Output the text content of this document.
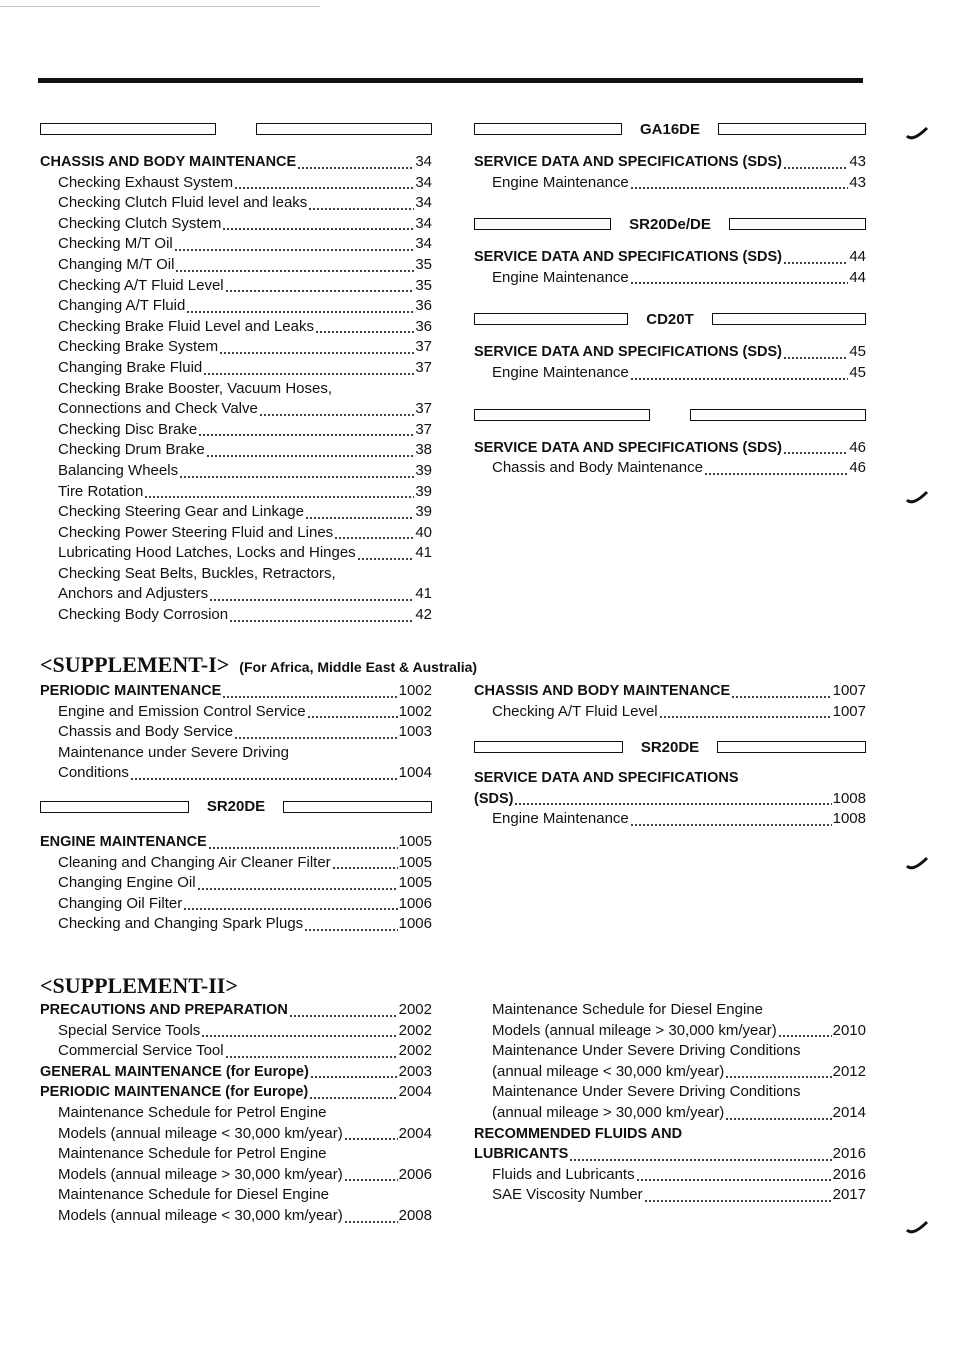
CHASSIS AND BODY MAINTENANCE	34
Checking Exhaust System	34
Checking Clutch Fluid level and leaks	34
Checking Clutch System	34
Checking M/T Oil	34
Changing M/T Oil	35
Checking A/T Fluid Level	35
Changing A/T Fluid	36
Checking Brake Fluid Level and Leaks	36
Checking Brake System	37
Changing Brake Fluid	37
Checking Brake Booster, Vacuum Hoses,
Connections and Check Valve	37
Checking Disc Brake	37
Checking Drum Brake	38
Balancing Wheels	39
Tire Rotation	39
Checking Steering Gear and Linkage	39
Checking Power Steering Fluid and Lines	40
Lubricating Hood Latches, Locks and Hinges	41
Checking Seat Belts, Buckles, Retractors,
Anchors and Adjusters	41
Checking Body Corrosion	42
GA16DE
SERVICE DATA AND SPECIFICATIONS (SDS)	43
Engine Maintenance	43
SR20De/DE
SERVICE DATA AND SPECIFICATIONS (SDS)	44
Engine Maintenance	44
CD20T
SERVICE DATA AND SPECIFICATIONS (SDS)	45
Engine Maintenance	45
SERVICE DATA AND SPECIFICATIONS (SDS)	46
Chassis and Body Maintenance	46
<SUPPLEMENT-I> (For Africa, Middle East & Australia)
PERIODIC MAINTENANCE	1002
Engine and Emission Control Service	1002
Chassis and Body Service	1003
Maintenance under Severe Driving
Conditions	1004
SR20DE
ENGINE MAINTENANCE	1005
Cleaning and Changing Air Cleaner Filter	1005
Changing Engine Oil	1005
Changing Oil Filter	1006
Checking and Changing Spark Plugs	1006
CHASSIS AND BODY MAINTENANCE	1007
Checking A/T Fluid Level	1007
SR20DE
SERVICE DATA AND SPECIFICATIONS
(SDS)	1008
Engine Maintenance	1008
<SUPPLEMENT-II>
PRECAUTIONS AND PREPARATION	2002
Special Service Tools	2002
Commercial Service Tool	2002
GENERAL MAINTENANCE (for Europe)	2003
PERIODIC MAINTENANCE (for Europe)	2004
Maintenance Schedule for Petrol Engine
Models (annual mileage < 30,000 km/year)	2004
Maintenance Schedule for Petrol Engine
Models (annual mileage > 30,000 km/year)	2006
Maintenance Schedule for Diesel Engine
Models (annual mileage < 30,000 km/year)	2008
Maintenance Schedule for Diesel Engine
Models (annual mileage > 30,000 km/year)	2010
Maintenance Under Severe Driving Conditions
(annual mileage < 30,000 km/year)	2012
Maintenance Under Severe Driving Conditions
(annual mileage > 30,000 km/year)	2014
RECOMMENDED FLUIDS AND
LUBRICANTS	2016
Fluids and Lubricants	2016
SAE Viscosity Number	2017
